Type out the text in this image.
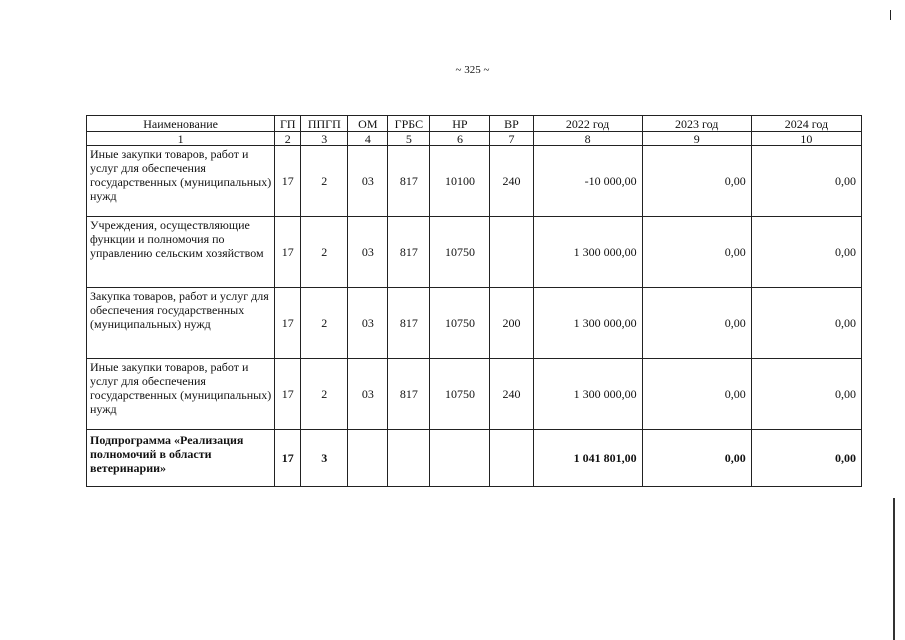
~ 325 ~
Наименование	ГП	ППГП	ОМ	ГРБС	НР	ВР	2022 год	2023 год	2024 год
1	2	3	4	5	6	7	8	9	10
Иные закупки товаров, работ и услуг для обеспечения государственных (муниципальных) нужд	17	2	03	817	10100	240	-10 000,00	0,00	0,00
Учреждения, осуществляющие функции и полномочия по управлению сельским хозяйством	17	2	03	817	10750		1 300 000,00	0,00	0,00
Закупка товаров, работ и услуг для обеспечения государственных (муниципальных) нужд	17	2	03	817	10750	200	1 300 000,00	0,00	0,00
Иные закупки товаров, работ и услуг для обеспечения государственных (муниципальных) нужд	17	2	03	817	10750	240	1 300 000,00	0,00	0,00
Подпрограмма «Реализация полномочий в области ветеринарии»	17	3					1 041 801,00	0,00	0,00
